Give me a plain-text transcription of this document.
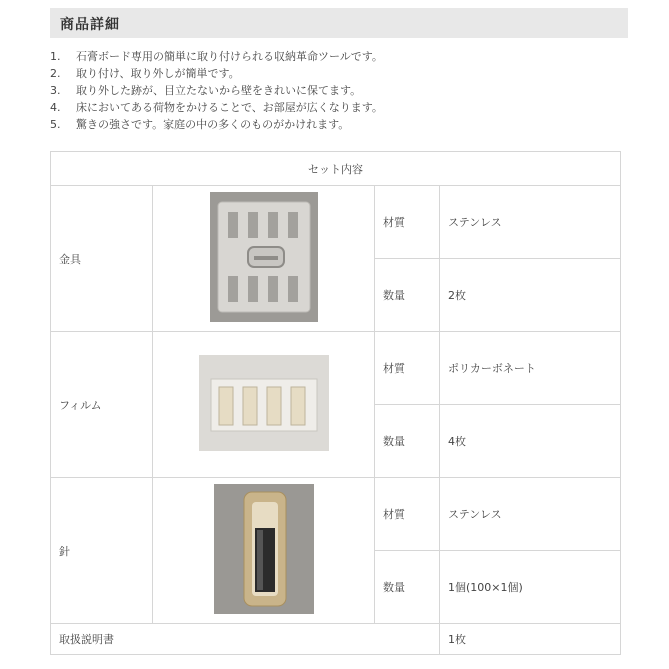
商品詳細
1. 石膏ボード専用の簡単に取り付けられる収納革命ツールです。
2. 取り付け、取り外しが簡単です。
3. 取り外した跡が、目立たないから壁をきれいに保てます。
4. 床においてある荷物をかけることで、お部屋が広くなります。
5. 驚きの強さです。家庭の中の多くのものがかけれます。
セット内容			
金具		材質	ステンレス
		数量	2枚
フィルム		材質	ポリカーボネート
		数量	4枚
針		材質	ステンレス
		数量	1個(100×1個)
取扱説明書			1枚
